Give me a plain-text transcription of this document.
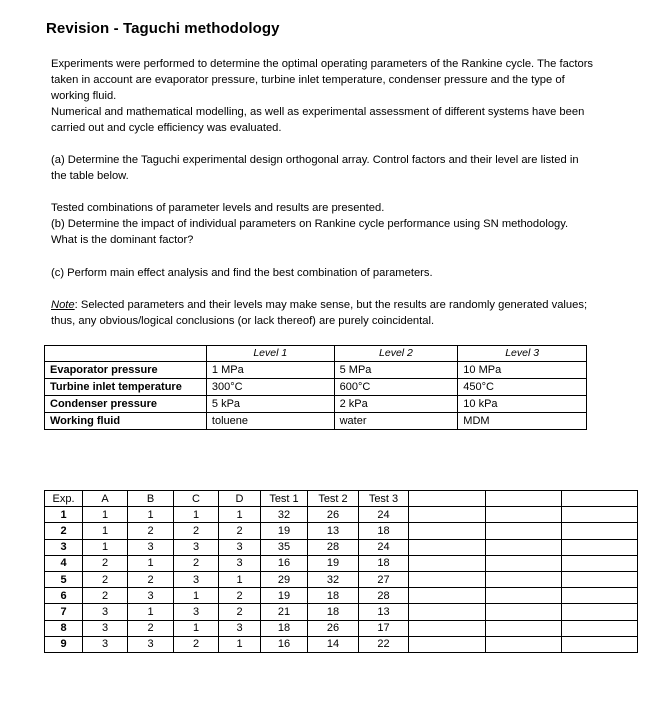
Revision - Taguchi methodology

Experiments were performed to determine the optimal operating parameters of the Rankine cycle. The factors taken in account are evaporator pressure, turbine inlet temperature, condenser pressure and the type of working fluid.

Numerical and mathematical modelling, as well as experimental assessment of different systems have been carried out and cycle efficiency was evaluated.

(a) Determine the Taguchi experimental design orthogonal array. Control factors and their level are listed in the table below.

Tested combinations of parameter levels and results are presented.

(b) Determine the impact of individual parameters on Rankine cycle performance using SN methodology. What is the dominant factor?

(c) Perform main effect analysis and find the best combination of parameters.

Note: Selected parameters and their levels may make sense, but the results are randomly generated values; thus, any obvious/logical conclusions (or lack thereof) are purely coincidental.

	Level 1	Level 2	Level 3
Evaporator pressure	1 MPa	5 MPa	10 MPa
Turbine inlet temperature	300°C	600°C	450°C
Condenser pressure	5 kPa	2 kPa	10 kPa
Working fluid	toluene	water	MDM
Exp.	A	B	C	D	Test 1	Test 2	Test 3			
1	1	1	1	1	32	26	24			
2	1	2	2	2	19	13	18			
3	1	3	3	3	35	28	24			
4	2	1	2	3	16	19	18			
5	2	2	3	1	29	32	27			
6	2	3	1	2	19	18	28			
7	3	1	3	2	21	18	13			
8	3	2	1	3	18	26	17			
9	3	3	2	1	16	14	22			
